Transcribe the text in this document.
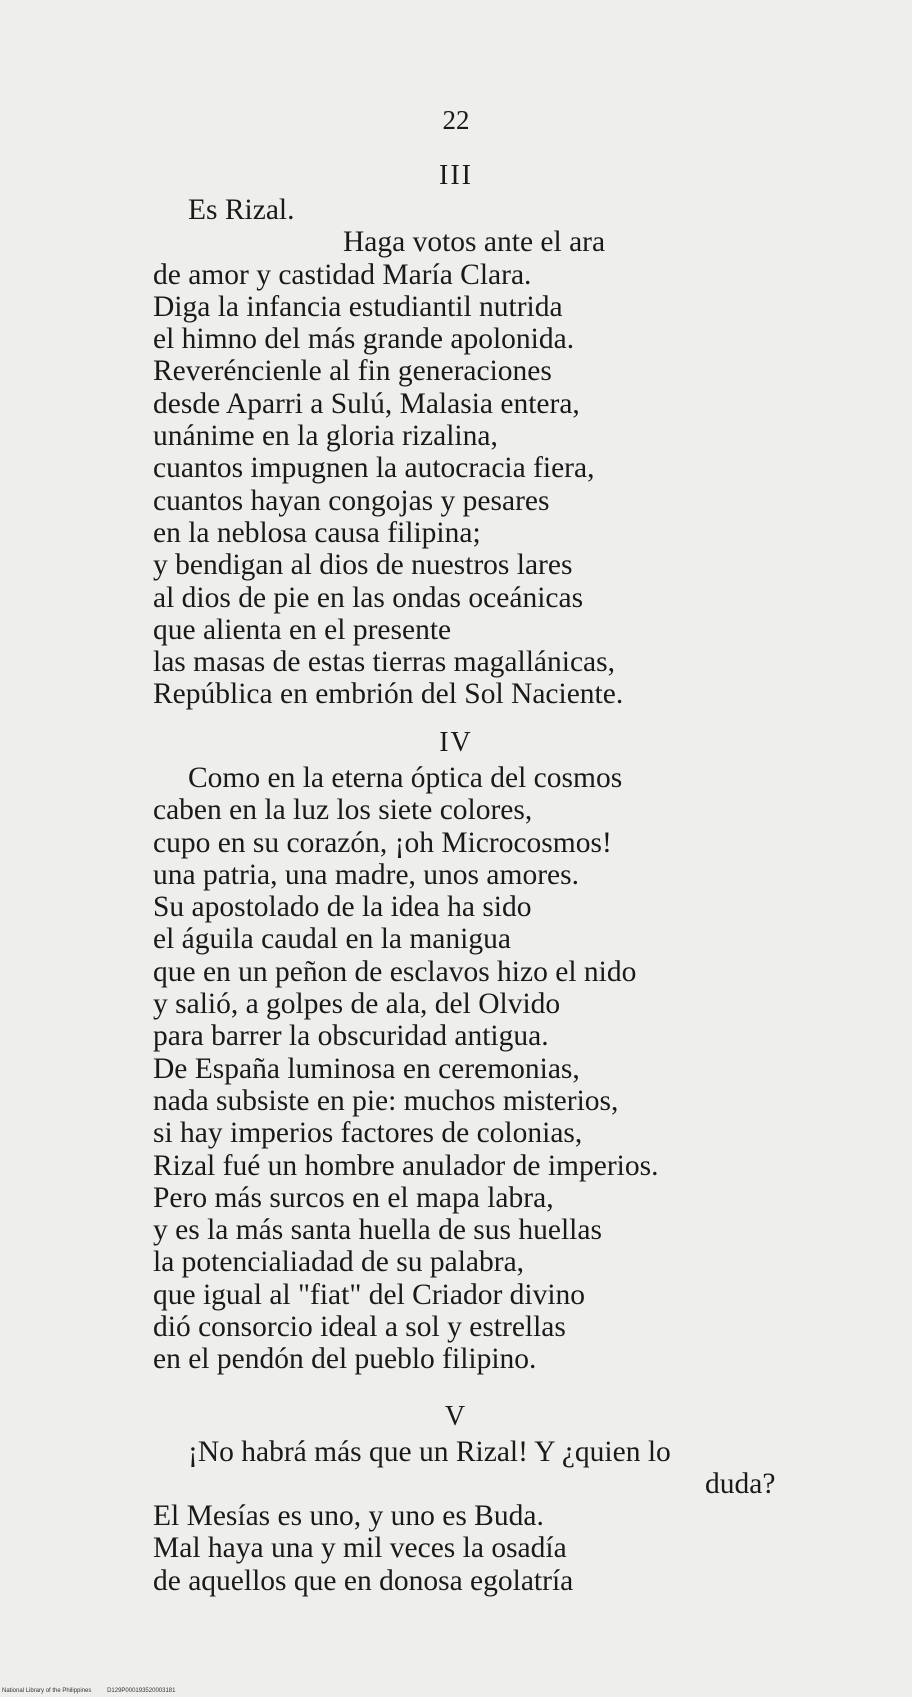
22
III
Es Rizal.
Haga votos ante el ara
de amor y castidad María Clara.
Diga la infancia estudiantil nutrida
el himno del más grande apolonida.
Reveréncienle al fin generaciones
desde Aparri a Sulú, Malasia entera,
unánime en la gloria rizalina,
cuantos impugnen la autocracia fiera,
cuantos hayan congojas y pesares
en la neblosa causa filipina;
y bendigan al dios de nuestros lares
al dios de pie en las ondas oceánicas
que alienta en el presente
las masas de estas tierras magallánicas,
República en embrión del Sol Naciente.
IV
Como en la eterna óptica del cosmos
caben en la luz los siete colores,
cupo en su corazón, ¡oh Microcosmos!
una patria, una madre, unos amores.
Su apostolado de la idea ha sido
el águila caudal en la manigua
que en un peñon de esclavos hizo el nido
y salió, a golpes de ala, del Olvido
para barrer la obscuridad antigua.
De España luminosa en ceremonias,
nada subsiste en pie: muchos misterios,
si hay imperios factores de colonias,
Rizal fué un hombre anulador de imperios.
Pero más surcos en el mapa labra,
y es la más santa huella de sus huellas
la potencialiadad de su palabra,
que igual al "fiat" del Criador divino
dió consorcio ideal a sol y estrellas
en el pendón del pueblo filipino.
V
¡No habrá más que un Rizal! Y ¿quien lo
duda?
El Mesías es uno, y uno es Buda.
Mal haya una y mil veces la osadía
de aquellos que en donosa egolatría
National Library of the Philippines	D129P000193520003181
